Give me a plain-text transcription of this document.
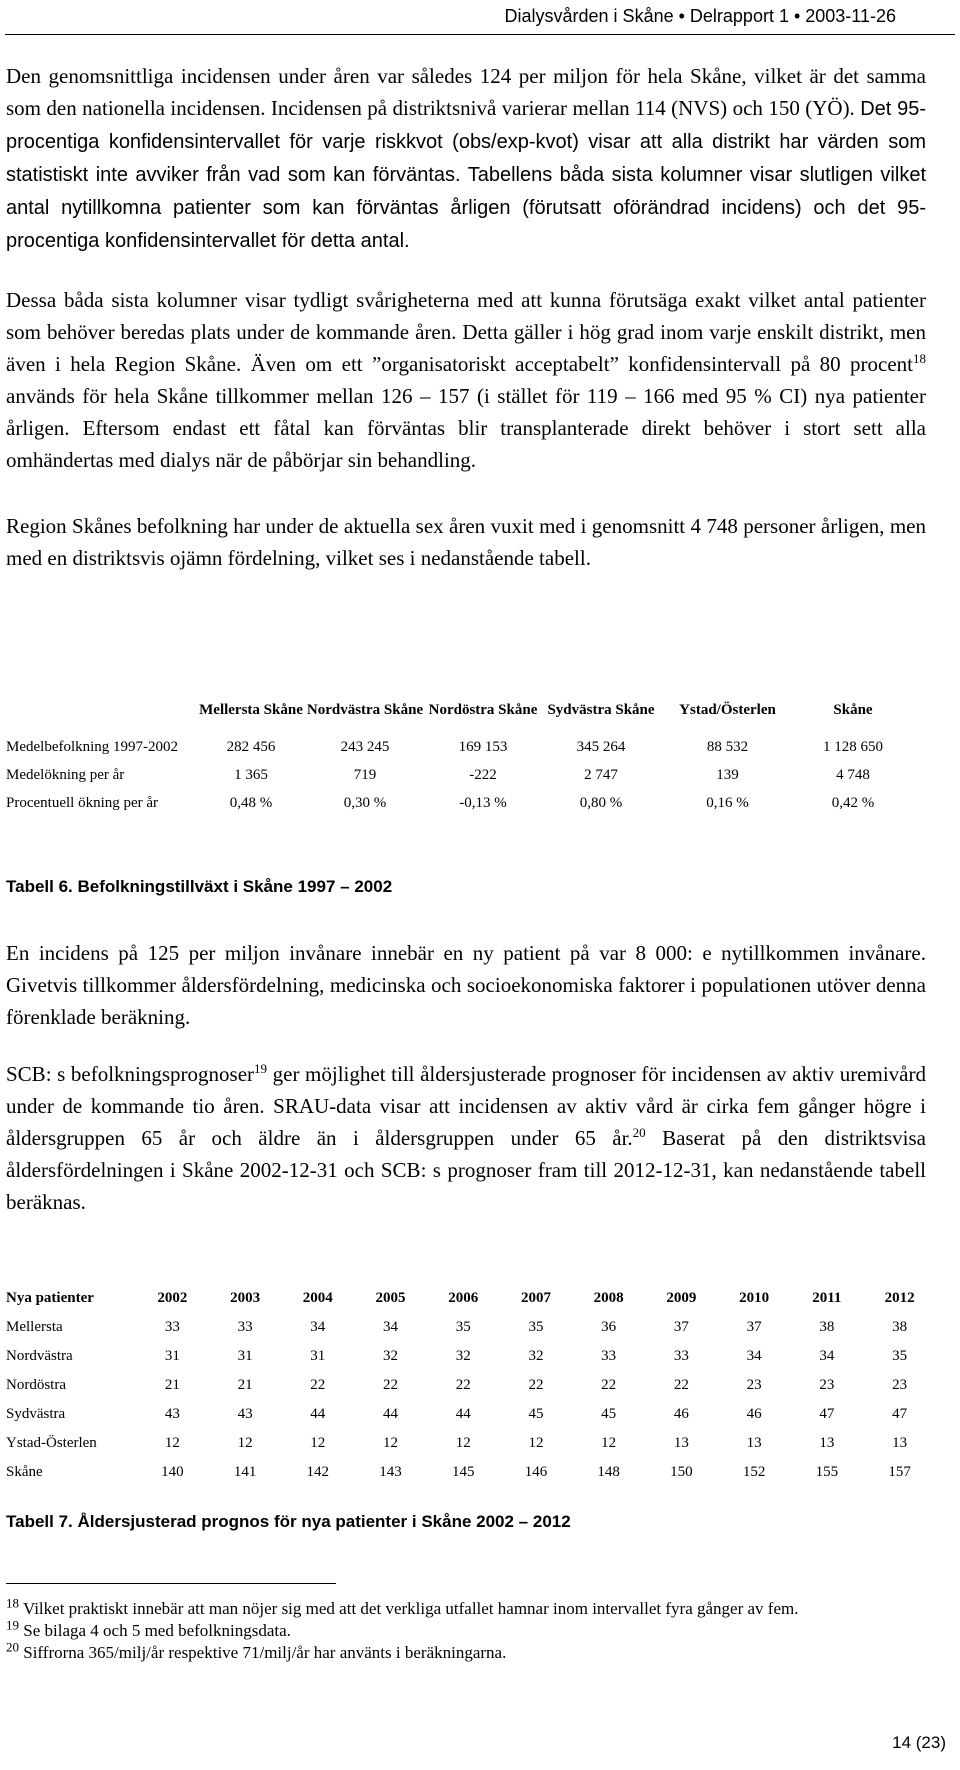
Dialysvården i Skåne • Delrapport 1 • 2003-11-26

Den genomsnittliga incidensen under åren var således 124 per miljon för hela Skåne, vilket är det samma som den nationella incidensen. Incidensen på distriktsnivå varierar mellan 114 (NVS) och 150 (YÖ). Det 95-procentiga konfidensintervallet för varje riskkvot (obs/exp-kvot) visar att alla distrikt har värden som statistiskt inte avviker från vad som kan förväntas. Tabellens båda sista kolumner visar slutligen vilket antal nytillkomna patienter som kan förväntas årligen (förutsatt oförändrad incidens) och det 95-procentiga konfidensintervallet för detta antal.

Dessa båda sista kolumner visar tydligt svårigheterna med att kunna förutsäga exakt vilket antal patienter som behöver beredas plats under de kommande åren. Detta gäller i hög grad inom varje enskilt distrikt, men även i hela Region Skåne. Även om ett ”organisatoriskt acceptabelt” konfidensintervall på 80 procent$^{18}$ används för hela Skåne tillkommer mellan 126 – 157 (i stället för 119 – 166 med 95 % CI) nya patienter årligen. Eftersom endast ett fåtal kan förväntas blir transplanterade direkt behöver i stort sett alla omhändertas med dialys när de påbörjar sin behandling.

Region Skånes befolkning har under de aktuella sex åren vuxit med i genomsnitt 4 748 personer årligen, men med en distriktsvis ojämn fördelning, vilket ses i nedanstående tabell.

	Mellersta Skåne	Nordvästra Skåne	Nordöstra Skåne	Sydvästra Skåne	Ystad/Österlen	Skåne
Medelbefolkning 1997-2002	282 456	243 245	169 153	345 264	88 532	1 128 650
Medelökning per år	1 365	719	-222	2 747	139	4 748
Procentuell ökning per år	0,48 %	0,30 %	-0,13 %	0,80 %	0,16 %	0,42 %
Tabell 6. Befolkningstillväxt i Skåne 1997 – 2002

En incidens på 125 per miljon invånare innebär en ny patient på var 8 000: e nytillkommen invånare. Givetvis tillkommer åldersfördelning, medicinska och socioekonomiska faktorer i populationen utöver denna förenklade beräkning.

SCB: s befolkningsprognoser$^{19}$ ger möjlighet till åldersjusterade prognoser för incidensen av aktiv uremivård under de kommande tio åren. SRAU-data visar att incidensen av aktiv vård är cirka fem gånger högre i åldersgruppen 65 år och äldre än i åldersgruppen under 65 år.$^{20}$ Baserat på den distriktsvisa åldersfördelningen i Skåne 2002-12-31 och SCB: s prognoser fram till 2012-12-31, kan nedanstående tabell beräknas.

Nya patienter	2002	2003	2004	2005	2006	2007	2008	2009	2010	2011	2012
Mellersta	33	33	34	34	35	35	36	37	37	38	38
Nordvästra	31	31	31	32	32	32	33	33	34	34	35
Nordöstra	21	21	22	22	22	22	22	22	23	23	23
Sydvästra	43	43	44	44	44	45	45	46	46	47	47
Ystad-Österlen	12	12	12	12	12	12	12	13	13	13	13
Skåne	140	141	142	143	145	146	148	150	152	155	157
Tabell 7. Åldersjusterad prognos för nya patienter i Skåne 2002 – 2012

$^{18}$ Vilket praktiskt innebär att man nöjer sig med att det verkliga utfallet hamnar inom intervallet fyra gånger av fem.

$^{19}$ Se bilaga 4 och 5 med befolkningsdata.

$^{20}$ Siffrorna 365/milj/år respektive 71/milj/år har använts i beräkningarna.

14 (23)
